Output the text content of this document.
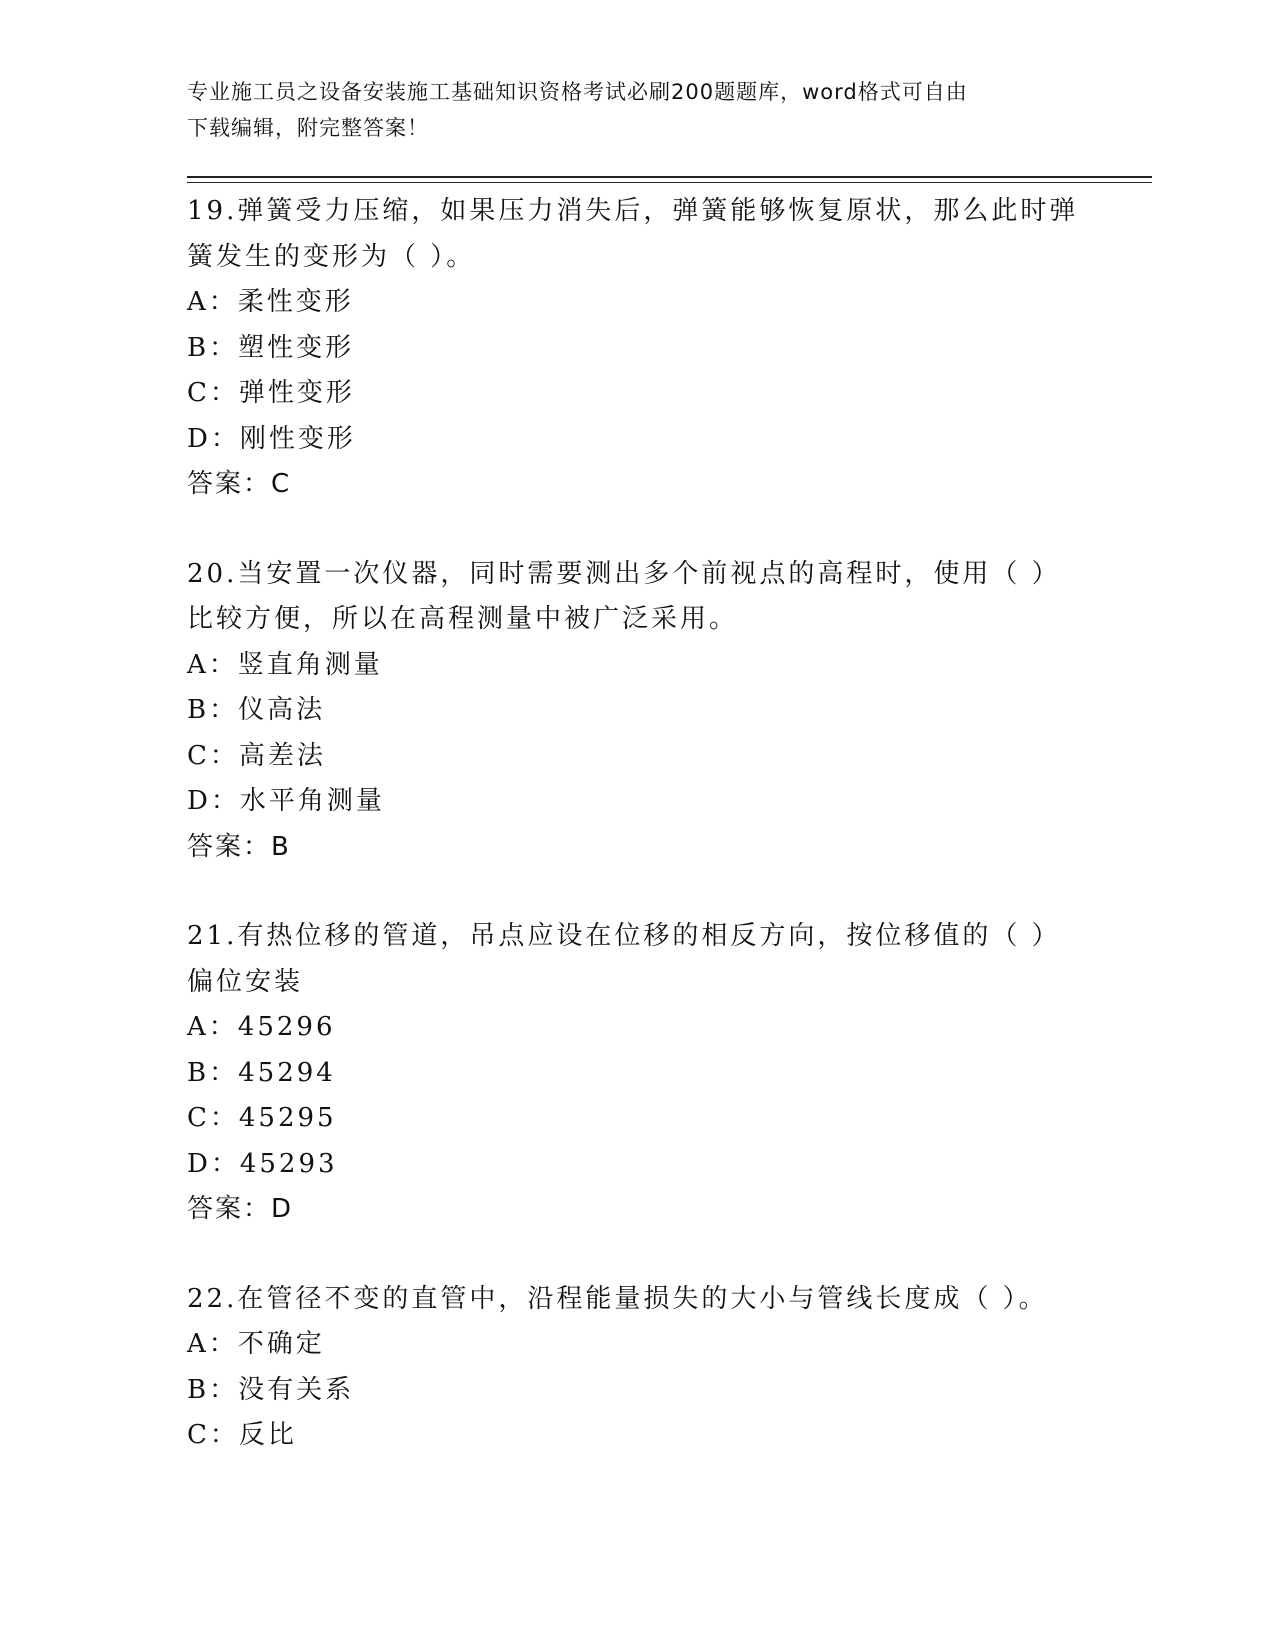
专业施工员之设备安装施工基础知识资格考试必刷200题题库，word格式可自由
下载编辑，附完整答案！
19.弹簧受力压缩，如果压力消失后，弹簧能够恢复原状，那么此时弹
簧发生的变形为（ ）。
A：柔性变形
B：塑性变形
C：弹性变形
D：刚性变形
答案：C
20.当安置一次仪器，同时需要测出多个前视点的高程时，使用（ ）
比较方便，所以在高程测量中被广泛采用。
A：竖直角测量
B：仪高法
C：高差法
D：水平角测量
答案：B
21.有热位移的管道，吊点应设在位移的相反方向，按位移值的（ ）
偏位安装
A：45296
B：45294
C：45295
D：45293
答案：D
22.在管径不变的直管中，沿程能量损失的大小与管线长度成（ ）。
A：不确定
B：没有关系
C：反比
